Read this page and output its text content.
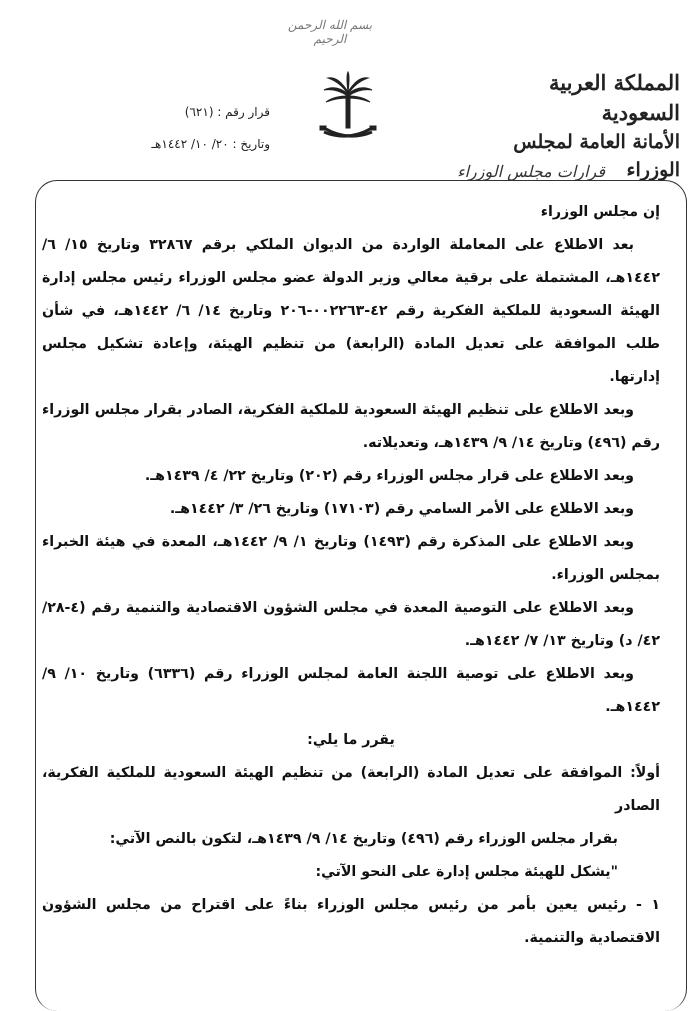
بسم الله الرحمن الرحيم
المملكة العربية السعودية
الأمانة العامة لمجلس الوزراء
قرار رقم : (٦٢١)
وتاريخ : ٢٠/ ١٠/ ١٤٤٢هـ
قرارات مجلس الوزراء

إن مجلس الوزراء

بعد الاطلاع على المعاملة الواردة من الديوان الملكي برقم ٣٢٨٦٧ وتاريخ ١٥/ ٦/ ١٤٤٢هـ، المشتملة على برقية معالي وزير الدولة عضو مجلس الوزراء رئيس مجلس إدارة الهيئة السعودية للملكية الفكرية رقم ٤٢-٠٠٢٢٦٣-٢٠٦ وتاريخ ١٤/ ٦/ ١٤٤٢هـ، في شأن طلب الموافقة على تعديل المادة (الرابعة) من تنظيم الهيئة، وإعادة تشكيل مجلس إدارتها.

وبعد الاطلاع على تنظيم الهيئة السعودية للملكية الفكرية، الصادر بقرار مجلس الوزراء رقم (٤٩٦) وتاريخ ١٤/ ٩/ ١٤٣٩هـ، وتعديلاته.

وبعد الاطلاع على قرار مجلس الوزراء رقم (٢٠٢) وتاريخ ٢٢/ ٤/ ١٤٣٩هـ.

وبعد الاطلاع على الأمر السامي رقم (١٧١٠٣) وتاريخ ٢٦/ ٣/ ١٤٤٢هـ.

وبعد الاطلاع على المذكرة رقم (١٤٩٣) وتاريخ ١/ ٩/ ١٤٤٢هـ، المعدة في هيئة الخبراء بمجلس الوزراء.

وبعد الاطلاع على التوصية المعدة في مجلس الشؤون الاقتصادية والتنمية رقم (٤-٢٨/ ٤٢/ د) وتاريخ ١٣/ ٧/ ١٤٤٢هـ.

وبعد الاطلاع على توصية اللجنة العامة لمجلس الوزراء رقم (٦٣٣٦) وتاريخ ١٠/ ٩/ ١٤٤٢هـ.

يقرر ما يلي:

أولاً: الموافقة على تعديل المادة (الرابعة) من تنظيم الهيئة السعودية للملكية الفكرية، الصادر

بقرار مجلس الوزراء رقم (٤٩٦) وتاريخ ١٤/ ٩/ ١٤٣٩هـ، لتكون بالنص الآتي:

"يشكل للهيئة مجلس إدارة على النحو الآتي:

١ - رئيس يعين بأمر من رئيس مجلس الوزراء بناءً على اقتراح من مجلس الشؤون الاقتصادية والتنمية.
